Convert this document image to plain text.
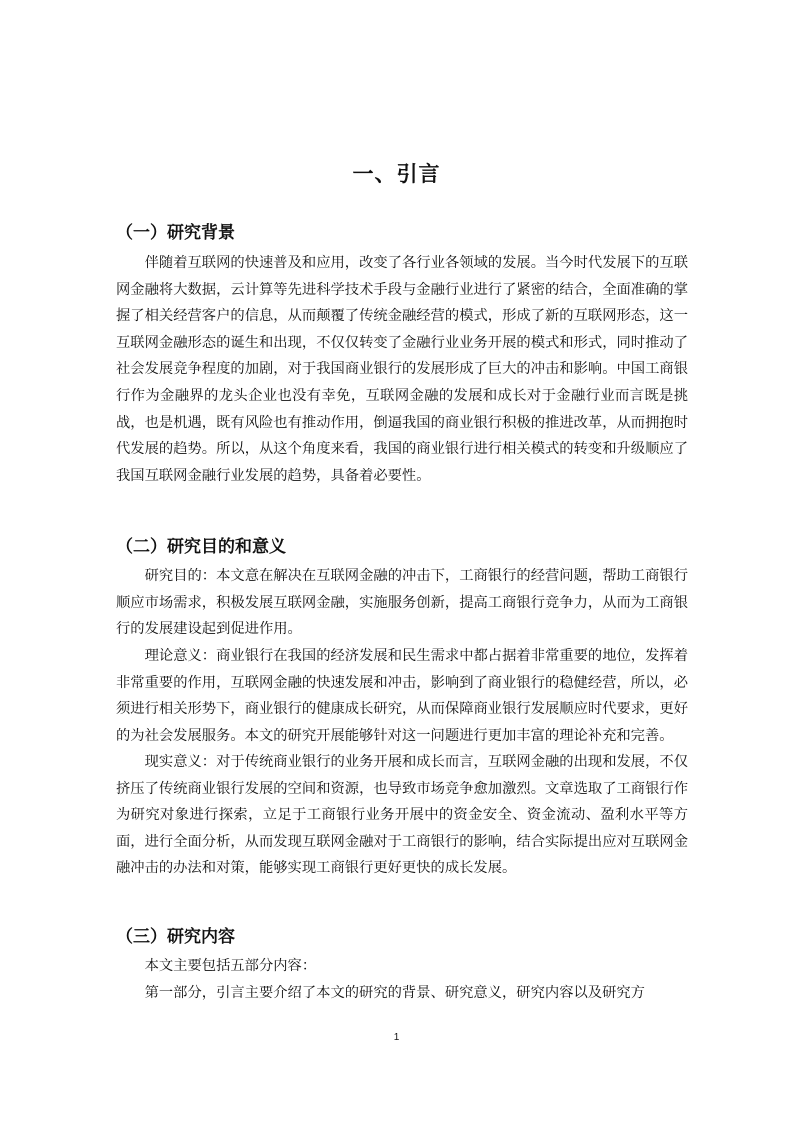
一、引言
（一）研究背景

伴随着互联网的快速普及和应用，改变了各行业各领域的发展。当今时代发展下的互联网金融将大数据，云计算等先进科学技术手段与金融行业进行了紧密的结合，全面准确的掌握了相关经营客户的信息，从而颠覆了传统金融经营的模式，形成了新的互联网形态，这一互联网金融形态的诞生和出现，不仅仅转变了金融行业业务开展的模式和形式，同时推动了社会发展竞争程度的加剧，对于我国商业银行的发展形成了巨大的冲击和影响。中国工商银行作为金融界的龙头企业也没有幸免，互联网金融的发展和成长对于金融行业而言既是挑战，也是机遇，既有风险也有推动作用，倒逼我国的商业银行积极的推进改革，从而拥抱时代发展的趋势。所以，从这个角度来看，我国的商业银行进行相关模式的转变和升级顺应了我国互联网金融行业发展的趋势，具备着必要性。

（二）研究目的和意义

研究目的：本文意在解决在互联网金融的冲击下，工商银行的经营问题，帮助工商银行顺应市场需求，积极发展互联网金融，实施服务创新，提高工商银行竞争力，从而为工商银行的发展建设起到促进作用。

理论意义：商业银行在我国的经济发展和民生需求中都占据着非常重要的地位，发挥着非常重要的作用，互联网金融的快速发展和冲击，影响到了商业银行的稳健经营，所以，必须进行相关形势下，商业银行的健康成长研究，从而保障商业银行发展顺应时代要求，更好的为社会发展服务。本文的研究开展能够针对这一问题进行更加丰富的理论补充和完善。

现实意义：对于传统商业银行的业务开展和成长而言，互联网金融的出现和发展，不仅挤压了传统商业银行发展的空间和资源，也导致市场竞争愈加激烈。文章选取了工商银行作为研究对象进行探索，立足于工商银行业务开展中的资金安全、资金流动、盈利水平等方面，进行全面分析，从而发现互联网金融对于工商银行的影响，结合实际提出应对互联网金融冲击的办法和对策，能够实现工商银行更好更快的成长发展。

（三）研究内容

本文主要包括五部分内容：

第一部分，引言主要介绍了本文的研究的背景、研究意义，研究内容以及研究方

1
